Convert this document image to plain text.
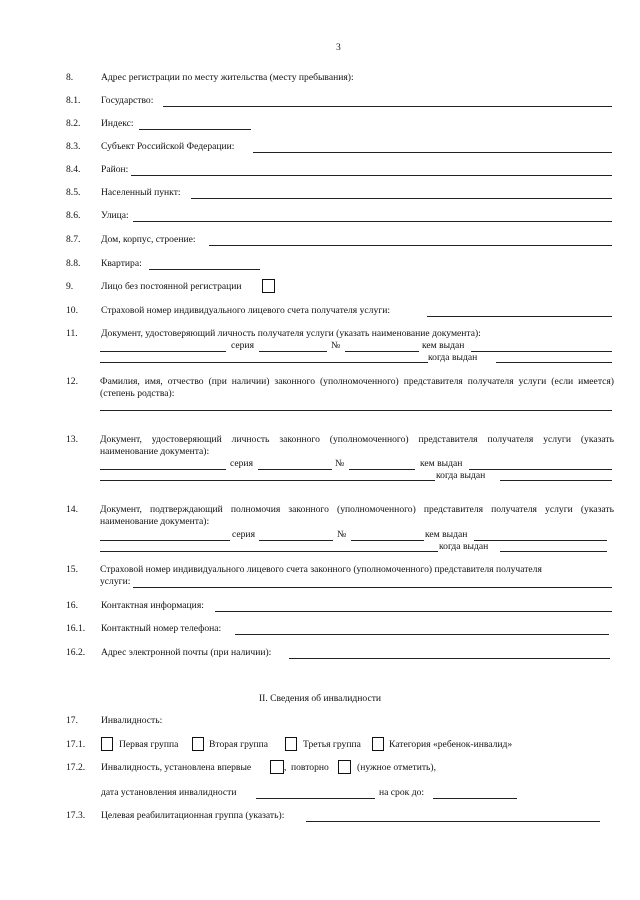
3
8.	Адрес регистрации по месту жительства (месту пребывания):
8.1. Государство:
8.2. Индекс:
8.3. Субъект Российской Федерации:
8.4. Район:
8.5. Населенный пункт:
8.6. Улица:
8.7. Дом, корпус, строение:
8.8. Квартира:
9.	Лицо без постоянной регистрации
10. Страховой номер индивидуального лицевого счета получателя услуги:
11. Документ, удостоверяющий личность получателя услуги (указать наименование документа):
серия	№	кем выдан
когда выдан
12. Фамилия, имя, отчество (при наличии) законного (уполномоченного) представителя получателя услуги (если имеется) (степень родства):
13. Документ, удостоверяющий личность законного (уполномоченного) представителя получателя услуги (указать наименование документа):
серия	№	кем выдан
когда выдан
14. Документ, подтверждающий полномочия законного (уполномоченного) представителя получателя услуги (указать наименование документа):
серия	№	кем выдан
когда выдан
15. Страховой номер индивидуального лицевого счета законного (уполномоченного) представителя получателя
услуги:
16. Контактная информация:
16.1. Контактный номер телефона:
16.2. Адрес электронной почты (при наличии):
II. Сведения об инвалидности
17. Инвалидность:
17.1.	Первая группа	Вторая группа	Третья группа	Категория «ребенок-инвалид»
17.2. Инвалидность, установлена впервые	, повторно	(нужное отметить),
дата установления инвалидности	на срок до:
17.3. Целевая реабилитационная группа (указать):
